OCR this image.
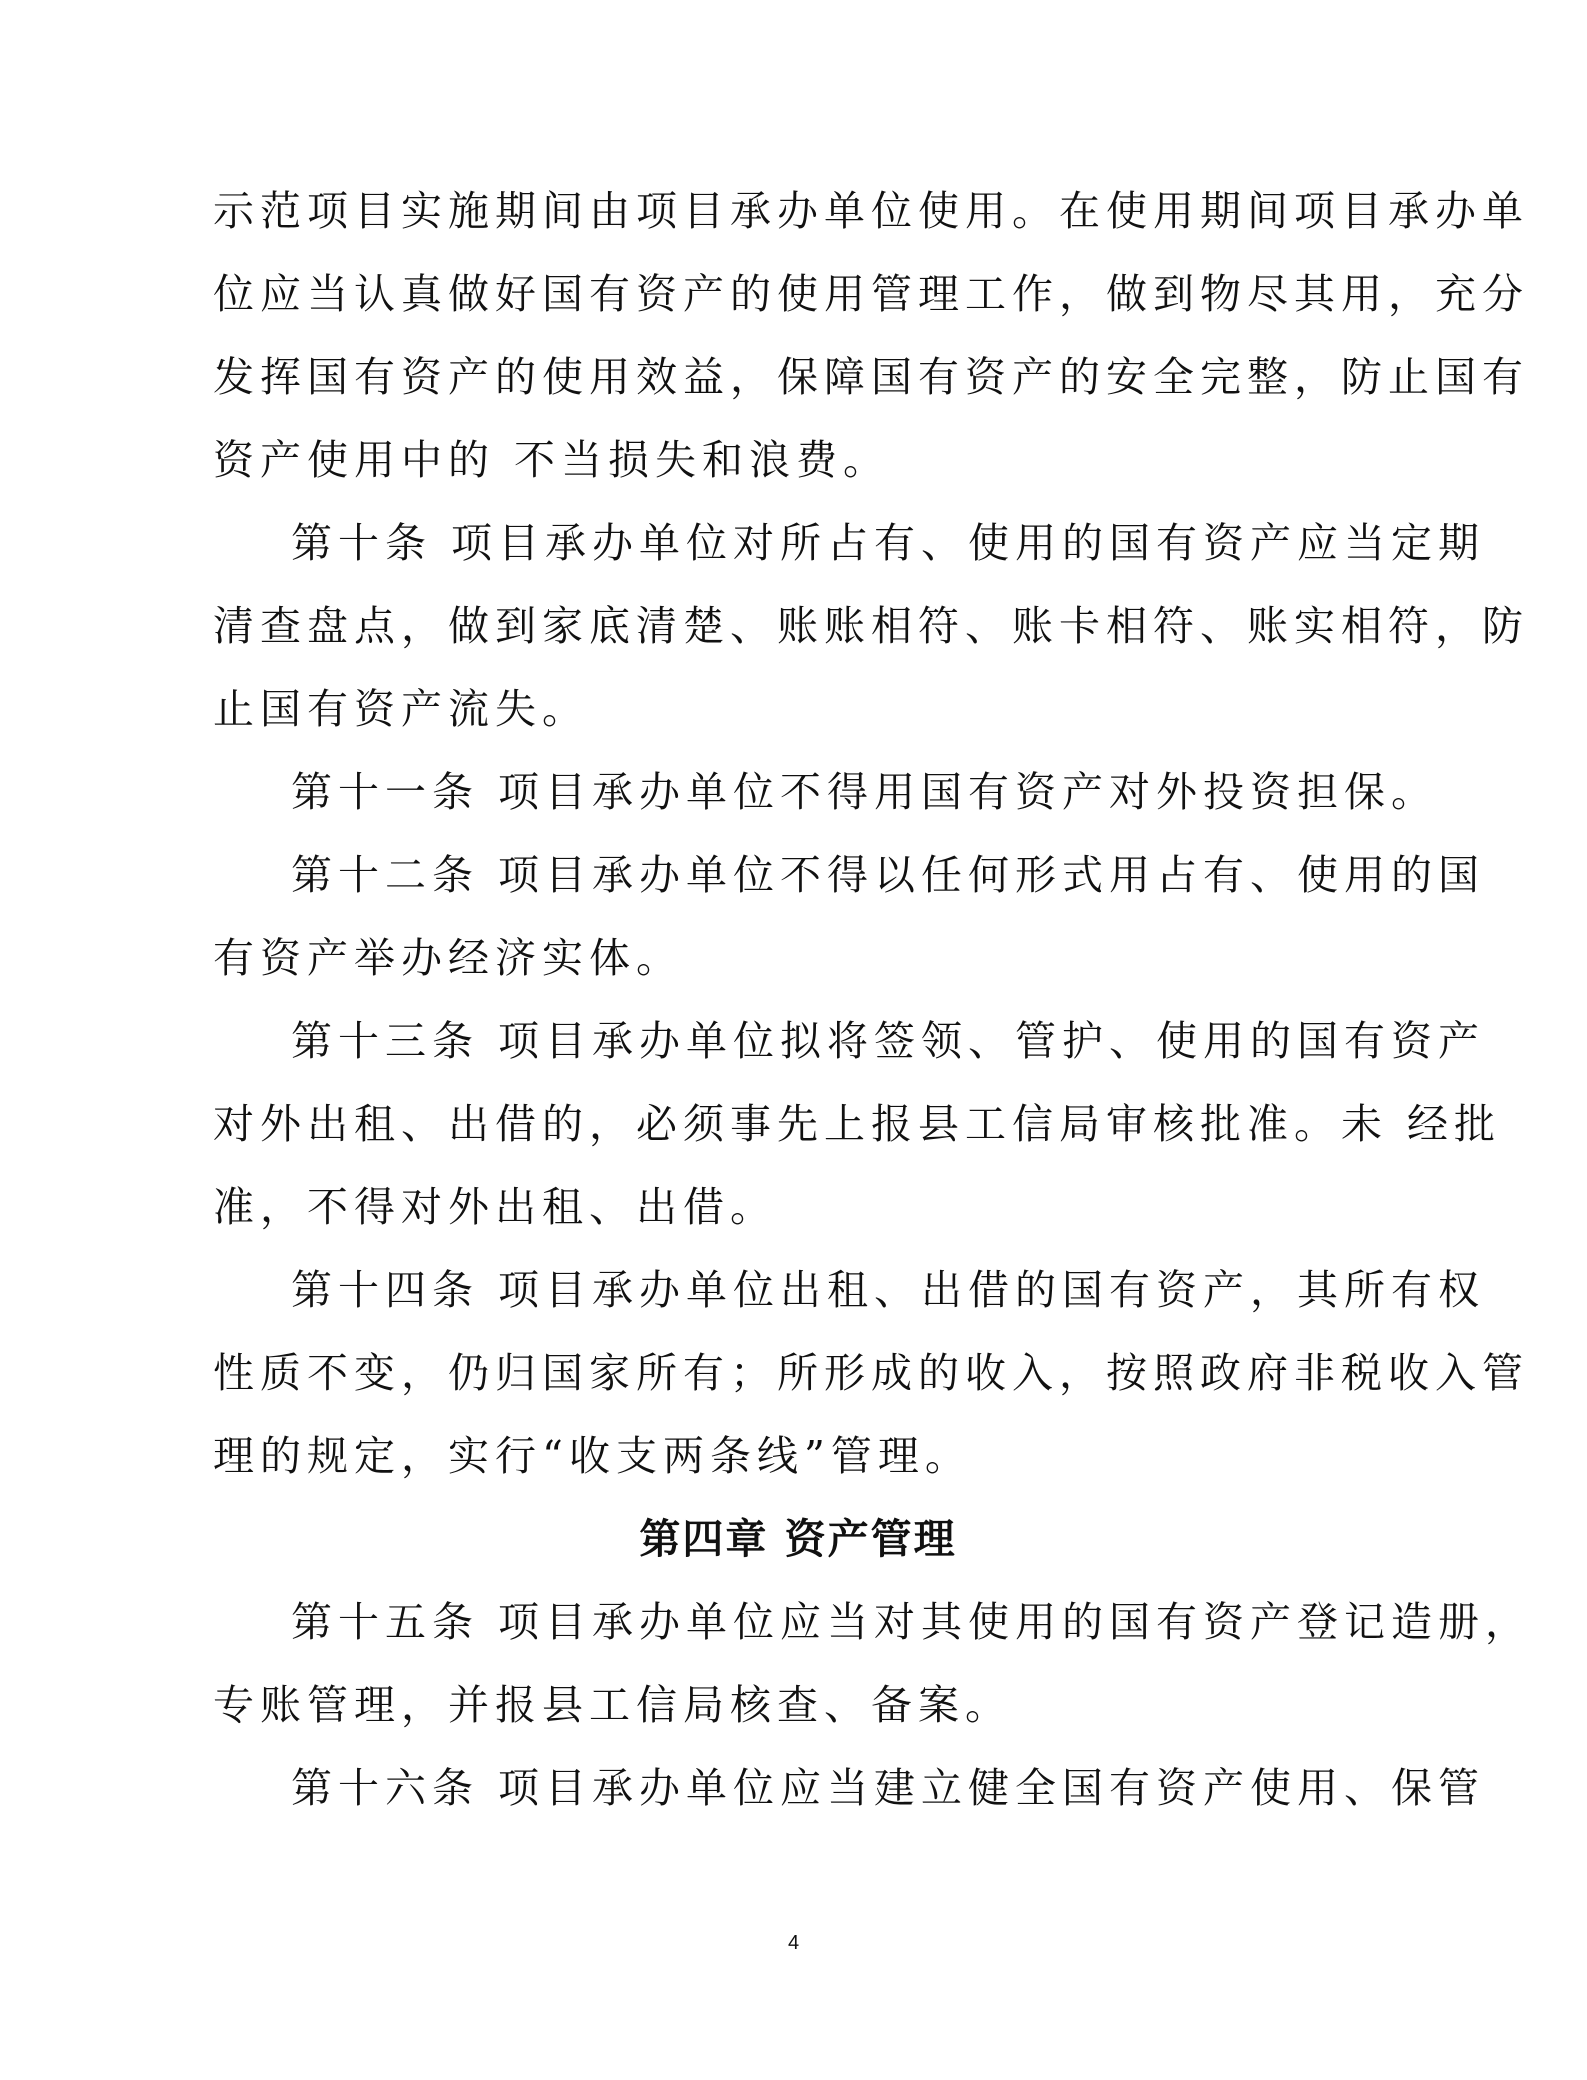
示范项目实施期间由项目承办单位使用。在使用期间项目承办单
位应当认真做好国有资产的使用管理工作，做到物尽其用，充分
发挥国有资产的使用效益，保障国有资产的安全完整，防止国有
资产使用中的 不当损失和浪费。
第十条 项目承办单位对所占有、使用的国有资产应当定期
清查盘点，做到家底清楚、账账相符、账卡相符、账实相符，防
止国有资产流失。
第十一条 项目承办单位不得用国有资产对外投资担保。
第十二条 项目承办单位不得以任何形式用占有、使用的国
有资产举办经济实体。
第十三条 项目承办单位拟将签领、管护、使用的国有资产
对外出租、出借的，必须事先上报县工信局审核批准。未 经批
准，不得对外出租、出借。
第十四条 项目承办单位出租、出借的国有资产，其所有权
性质不变，仍归国家所有；所形成的收入，按照政府非税收入管
理的规定，实行“收支两条线”管理。
第四章 资产管理
第十五条 项目承办单位应当对其使用的国有资产登记造册，
专账管理，并报县工信局核查、备案。
第十六条 项目承办单位应当建立健全国有资产使用、保管
4
